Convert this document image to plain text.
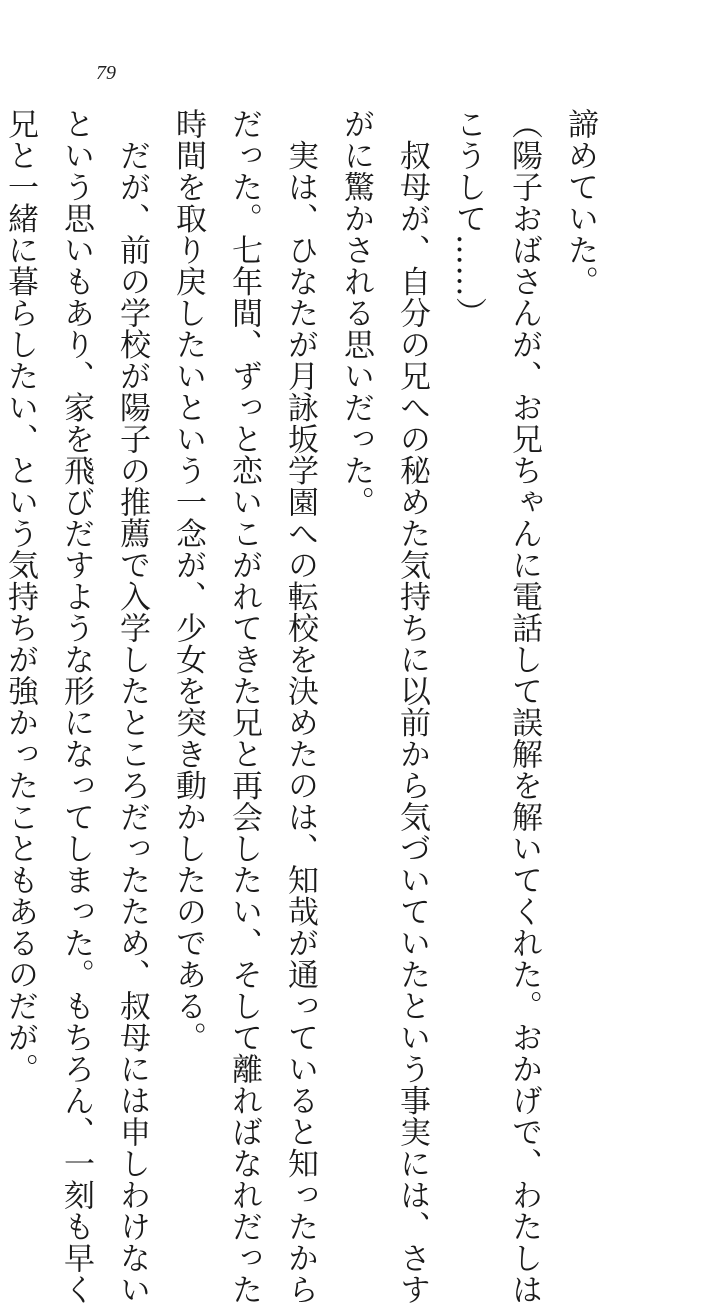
79
諦めていた。
（陽子おばさんが、お兄ちゃんに電話して誤解を解いてくれた。おかげで、わたしは
こうして……）
　叔母が、自分の兄への秘めた気持ちに以前から気づいていたという事実には、さす
がに驚かされる思いだった。
　実は、ひなたが月詠坂学園への転校を決めたのは、知哉が通っていると知ったから
だった。七年間、ずっと恋いこがれてきた兄と再会したい、そして離ればなれだった
時間を取り戻したいという一念が、少女を突き動かしたのである。
　だが、前の学校が陽子の推薦で入学したところだったため、叔母には申しわけない
という思いもあり、家を飛びだすような形になってしまった。もちろん、一刻も早く
兄と一緒に暮らしたい、という気持ちが強かったこともあるのだが。
